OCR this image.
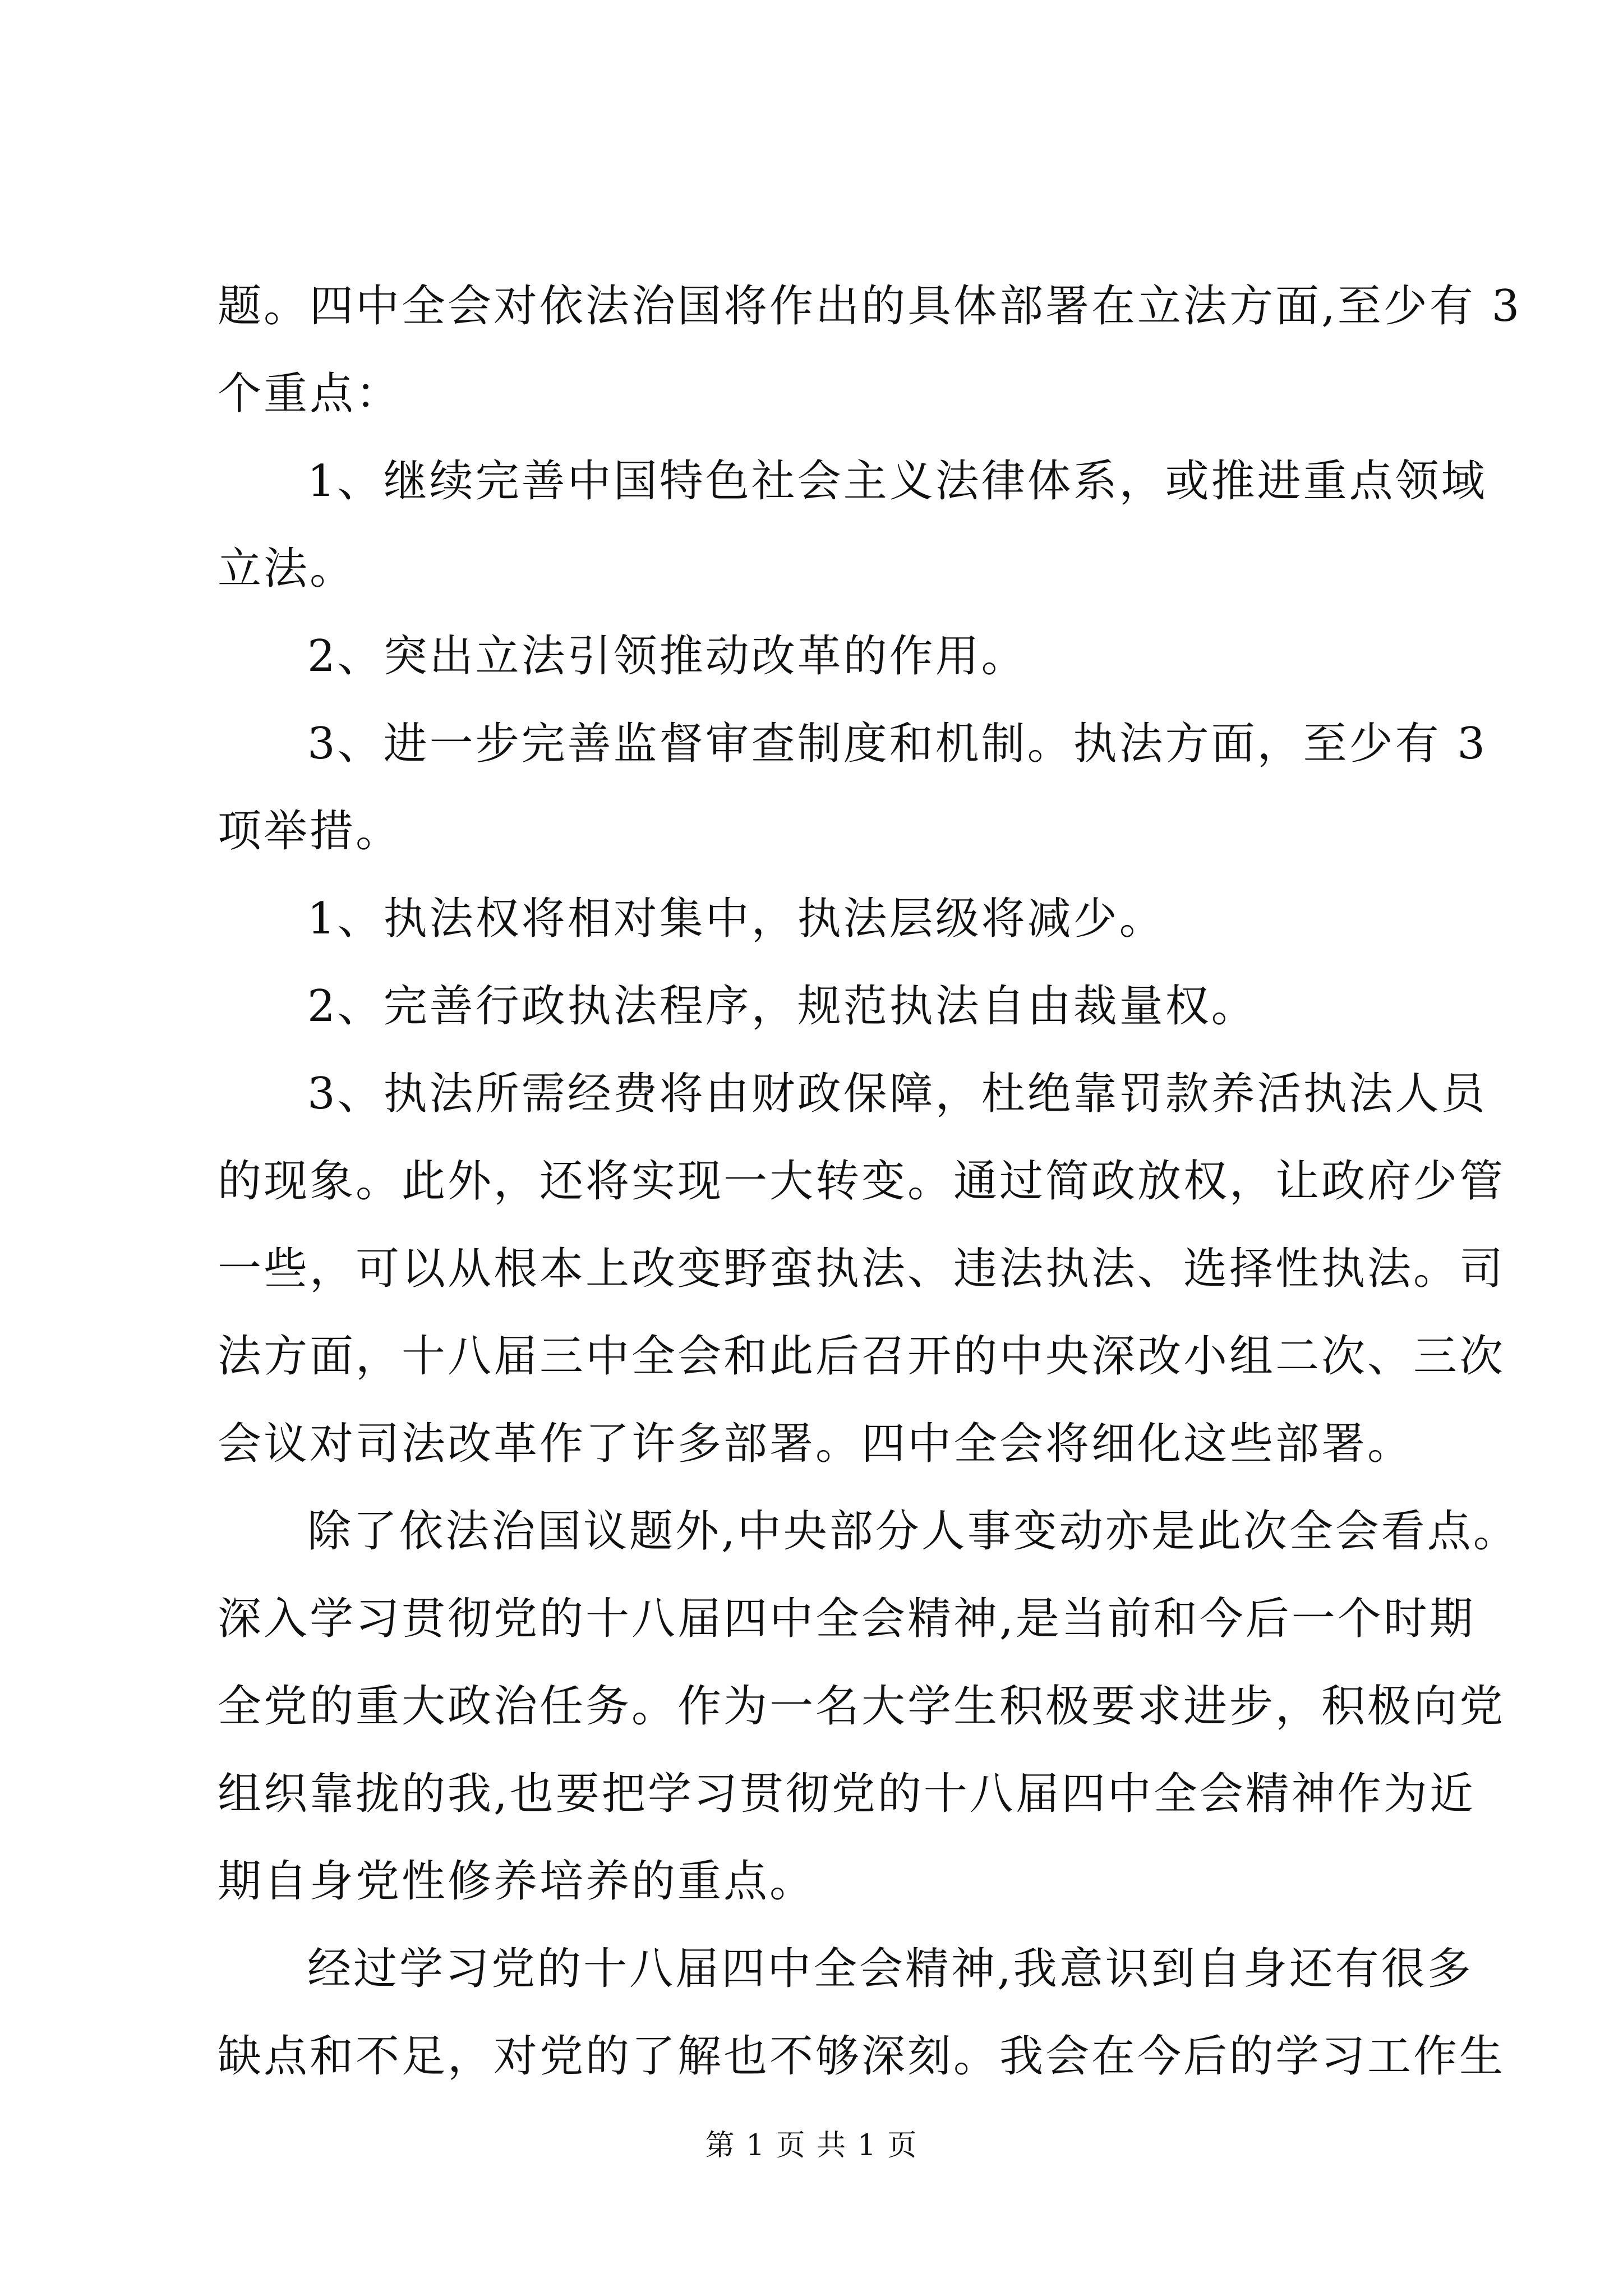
题。四中全会对依法治国将作出的具体部署在立法方面,至少有 3
个重点：
1、继续完善中国特色社会主义法律体系，或推进重点领域
立法。
2、突出立法引领推动改革的作用。
3、进一步完善监督审查制度和机制。执法方面，至少有 3
项举措。
1、执法权将相对集中，执法层级将减少。
2、完善行政执法程序，规范执法自由裁量权。
3、执法所需经费将由财政保障，杜绝靠罚款养活执法人员
的现象。此外，还将实现一大转变。通过简政放权，让政府少管
一些，可以从根本上改变野蛮执法、违法执法、选择性执法。司
法方面，十八届三中全会和此后召开的中央深改小组二次、三次
会议对司法改革作了许多部署。四中全会将细化这些部署。
除了依法治国议题外,中央部分人事变动亦是此次全会看点。
深入学习贯彻党的十八届四中全会精神,是当前和今后一个时期
全党的重大政治任务。作为一名大学生积极要求进步，积极向党
组织靠拢的我,也要把学习贯彻党的十八届四中全会精神作为近
期自身党性修养培养的重点。
经过学习党的十八届四中全会精神,我意识到自身还有很多
缺点和不足，对党的了解也不够深刻。我会在今后的学习工作生
第 1 页 共 1 页
